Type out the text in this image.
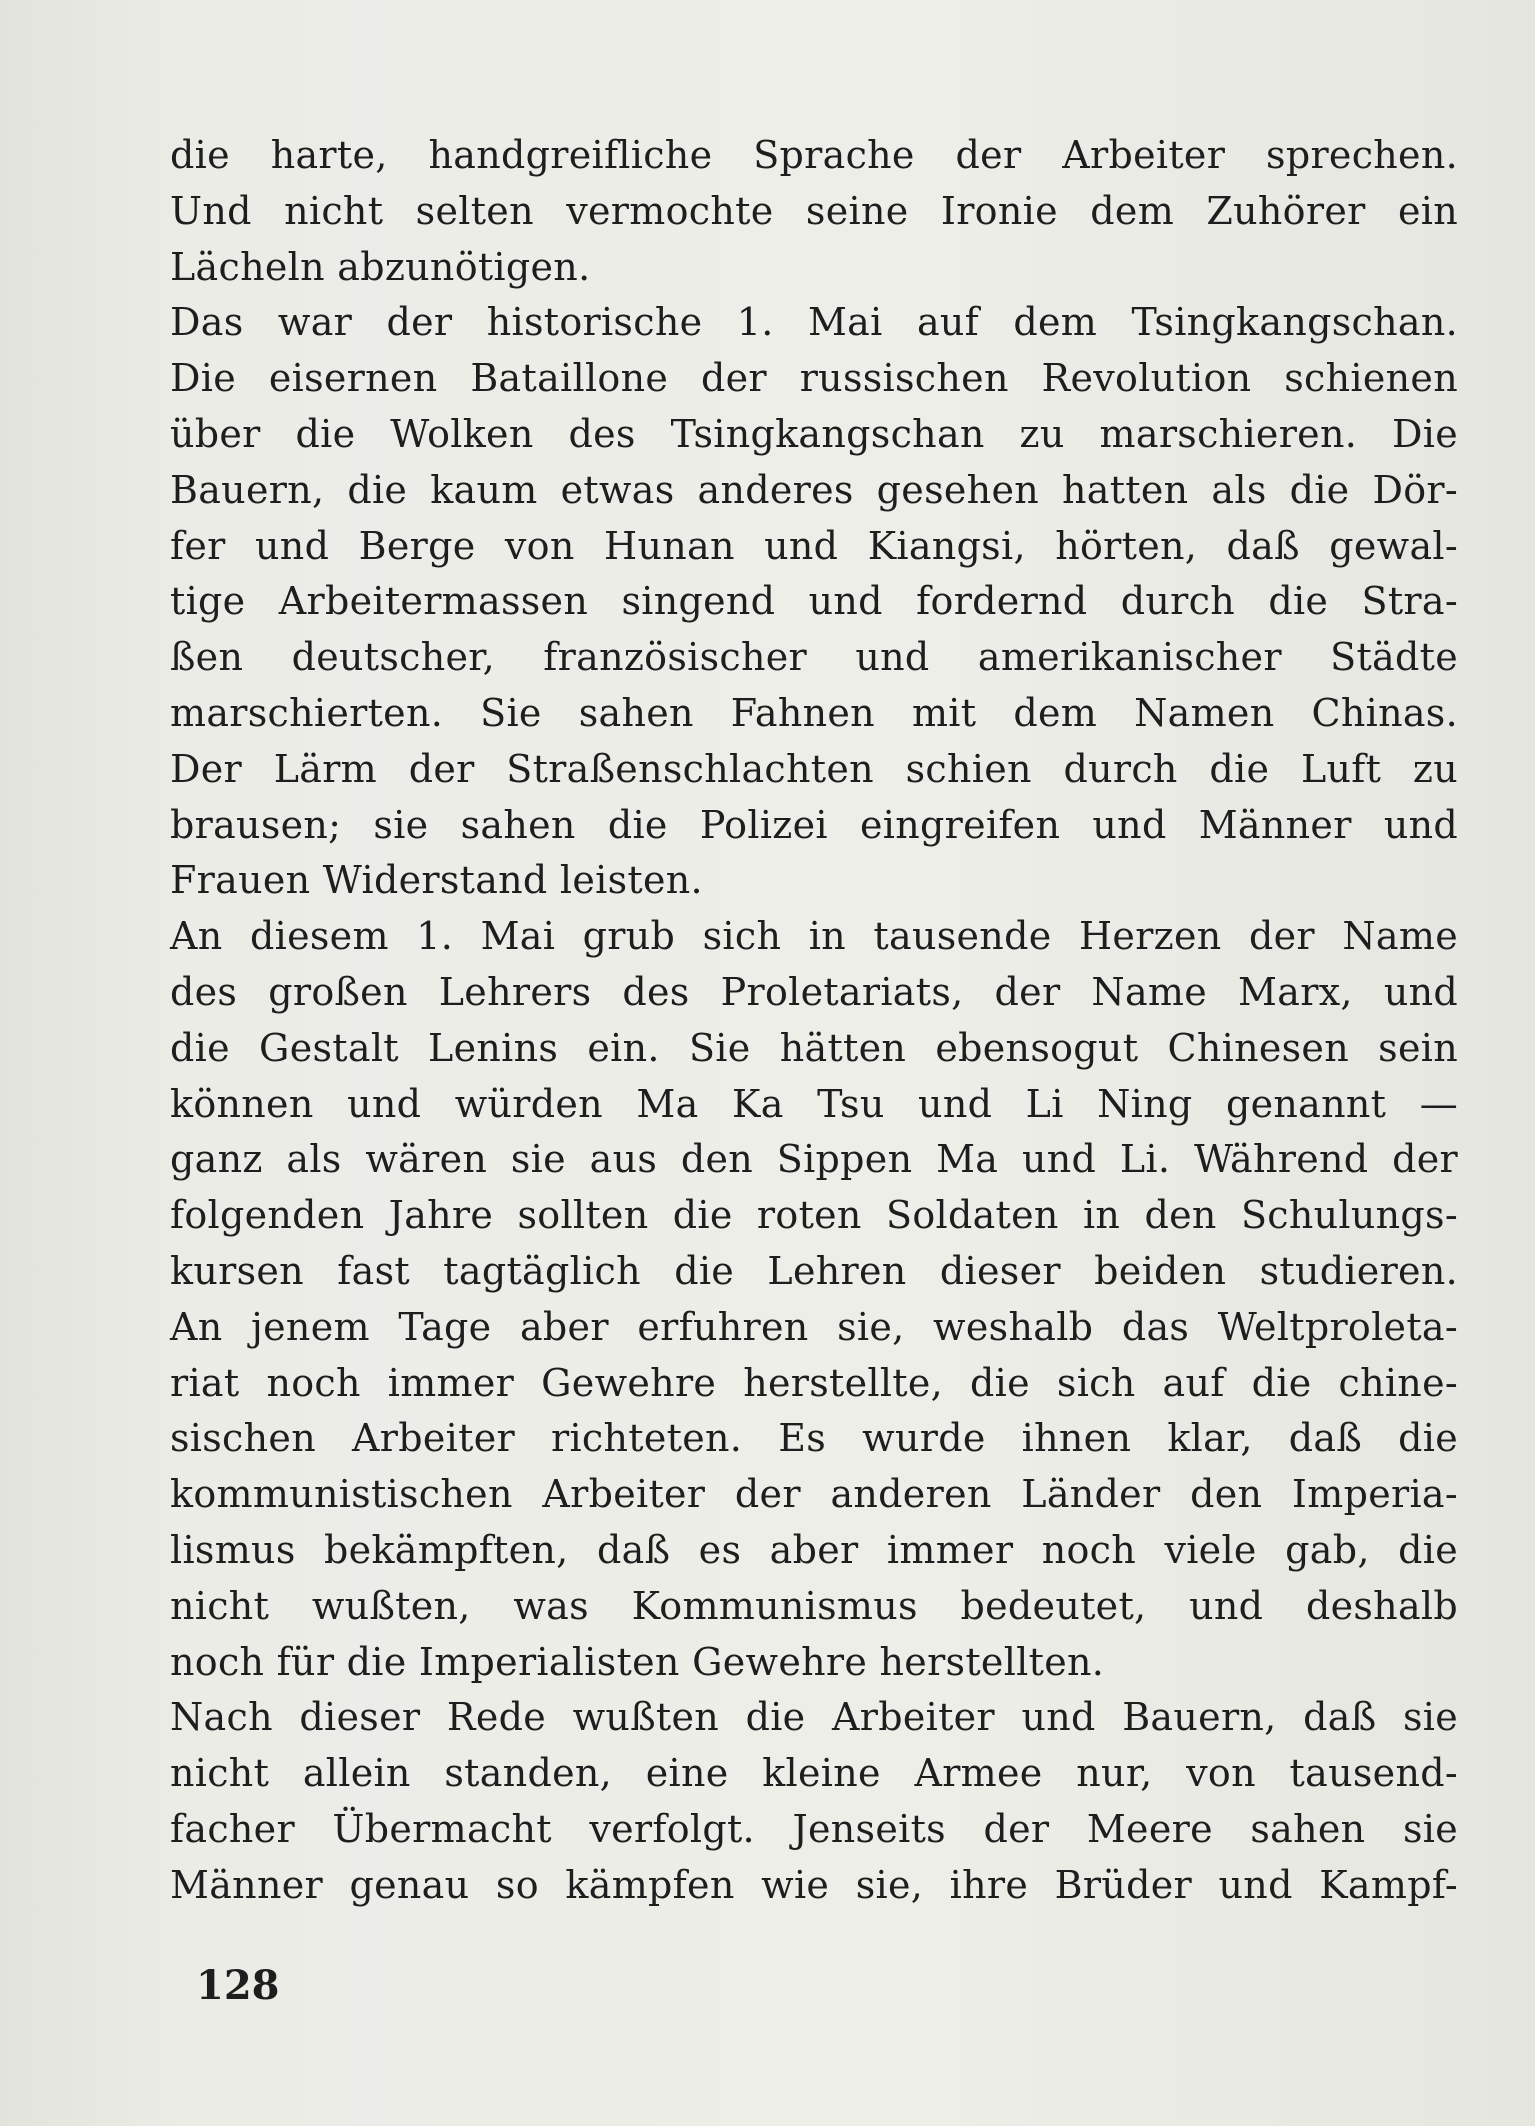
die harte, handgreifliche Sprache der Arbeiter sprechen.
Und nicht selten vermochte seine Ironie dem Zuhörer ein
Lächeln abzunötigen.
Das war der historische 1. Mai auf dem Tsingkangschan.
Die eisernen Bataillone der russischen Revolution schienen
über die Wolken des Tsingkangschan zu marschieren. Die
Bauern, die kaum etwas anderes gesehen hatten als die Dör-
fer und Berge von Hunan und Kiangsi, hörten, daß gewal-
tige Arbeitermassen singend und fordernd durch die Stra-
ßen deutscher, französischer und amerikanischer Städte
marschierten. Sie sahen Fahnen mit dem Namen Chinas.
Der Lärm der Straßenschlachten schien durch die Luft zu
brausen; sie sahen die Polizei eingreifen und Männer und
Frauen Widerstand leisten.
An diesem 1. Mai grub sich in tausende Herzen der Name
des großen Lehrers des Proletariats, der Name Marx, und
die Gestalt Lenins ein. Sie hätten ebensogut Chinesen sein
können und würden Ma Ka Tsu und Li Ning genannt —
ganz als wären sie aus den Sippen Ma und Li. Während der
folgenden Jahre sollten die roten Soldaten in den Schulungs-
kursen fast tagtäglich die Lehren dieser beiden studieren.
An jenem Tage aber erfuhren sie, weshalb das Weltproleta-
riat noch immer Gewehre herstellte, die sich auf die chine-
sischen Arbeiter richteten. Es wurde ihnen klar, daß die
kommunistischen Arbeiter der anderen Länder den Imperia-
lismus bekämpften, daß es aber immer noch viele gab, die
nicht wußten, was Kommunismus bedeutet, und deshalb
noch für die Imperialisten Gewehre herstellten.
Nach dieser Rede wußten die Arbeiter und Bauern, daß sie
nicht allein standen, eine kleine Armee nur, von tausend-
facher Übermacht verfolgt. Jenseits der Meere sahen sie
Männer genau so kämpfen wie sie, ihre Brüder und Kampf-
128
